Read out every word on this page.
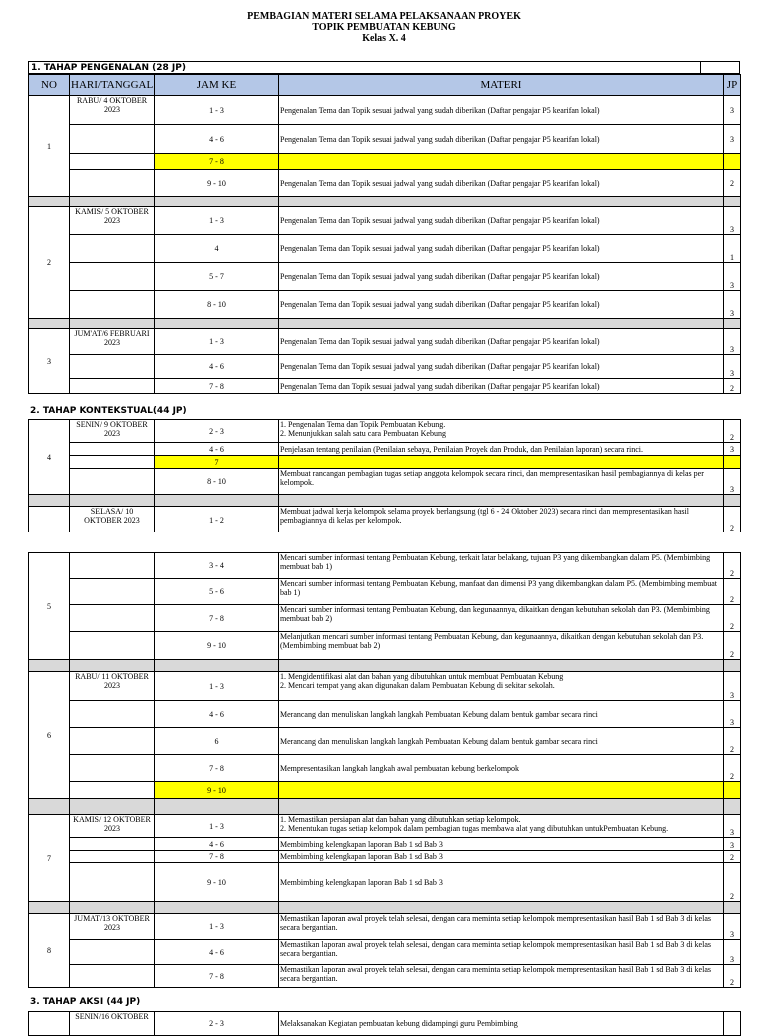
PEMBAGIAN MATERI SELAMA PELAKSANAAN PROYEK
TOPIK PEMBUATAN KEBUNG
Kelas X. 4
1. TAHAP PENGENALAN (28 JP)
NO	HARI/TANGGAL	JAM KE	MATERI	JP
1	RABU/ 4 OKTOBER 2023	1 - 3	Pengenalan Tema dan Topik sesuai jadwal yang sudah diberikan (Daftar pengajar P5 kearifan lokal)	3
		4 - 6	Pengenalan Tema dan Topik sesuai jadwal yang sudah diberikan (Daftar pengajar P5 kearifan lokal)	3
		7 - 8		
		9 - 10	Pengenalan Tema dan Topik sesuai jadwal yang sudah diberikan (Daftar pengajar P5 kearifan lokal)	2

2	KAMIS/ 5 OKTOBER 2023	1 - 3	Pengenalan Tema dan Topik sesuai jadwal yang sudah diberikan (Daftar pengajar P5 kearifan lokal)	3
		4	Pengenalan Tema dan Topik sesuai jadwal yang sudah diberikan (Daftar pengajar P5 kearifan lokal)	1
		5 - 7	Pengenalan Tema dan Topik sesuai jadwal yang sudah diberikan (Daftar pengajar P5 kearifan lokal)	3
		8 - 10	Pengenalan Tema dan Topik sesuai jadwal yang sudah diberikan (Daftar pengajar P5 kearifan lokal)	3

3	JUM'AT/6 FEBRUARI 2023	1 - 3	Pengenalan Tema dan Topik sesuai jadwal yang sudah diberikan (Daftar pengajar P5 kearifan lokal)	3
		4 - 6	Pengenalan Tema dan Topik sesuai jadwal yang sudah diberikan (Daftar pengajar P5 kearifan lokal)	3
		7 - 8	Pengenalan Tema dan Topik sesuai jadwal yang sudah diberikan (Daftar pengajar P5 kearifan lokal)	2
2. TAHAP KONTEKSTUAL(44 JP)
4	SENIN/ 9 OKTOBER 2023	2 - 3	1. Pengenalan Tema dan Topik Pembuatan Kebung.
2. Menunjukkan salah satu cara Pembuatan Kebung	2
		4 - 6	Penjelasan tentang penilaian (Penilaian sebaya, Penilaian Proyek dan Produk, dan Penilaian laporan) secara rinci.	3
		7		
		8 - 10	Membuat rancangan pembagian tugas setiap anggota kelompok secara rinci, dan mempresentasikan hasil pembagiannya di kelas per kelompok.	3

	SELASA/ 10 OKTOBER 2023	1 - 2	Membuat jadwal kerja kelompok selama proyek berlangsung (tgl 6 - 24 Oktober 2023) secara rinci dan mempresentasikan hasil pembagiannya di kelas per kelompok.	2
5		3 - 4	Mencari sumber informasi tentang Pembuatan Kebung, terkait latar belakang, tujuan P3 yang dikembangkan dalam P5. (Membimbing membuat bab 1)	2
		5 - 6	Mencari sumber informasi tentang Pembuatan Kebung, manfaat dan dimensi P3 yang dikembangkan dalam P5. (Membimbing membuat bab 1)	2
		7 - 8	Mencari sumber informasi tentang Pembuatan Kebung, dan kegunaannya, dikaitkan dengan kebutuhan sekolah dan P3. (Membimbing membuat bab 2)	2
		9 - 10	Melanjutkan mencari sumber informasi tentang Pembuatan Kebung, dan kegunaannya, dikaitkan dengan kebutuhan sekolah dan P3. (Membimbing membuat bab 2)	2

6	RABU/ 11 OKTOBER 2023	1 - 3	1. Mengidentifikasi alat dan bahan yang dibutuhkan untuk membuat Pembuatan Kebung
2. Mencari tempat yang akan digunakan dalam Pembuatan Kebung di sekitar sekolah.	3
		4 - 6	Merancang dan menuliskan langkah langkah Pembuatan Kebung dalam bentuk gambar secara rinci	3
		6	Merancang dan menuliskan langkah langkah Pembuatan Kebung dalam bentuk gambar secara rinci	2
		7 - 8	Mempresentasikan langkah langkah awal pembuatan kebung berkelompok	2
		9 - 10		

7	KAMIS/ 12 OKTOBER 2023	1 - 3	1. Memastikan persiapan alat dan bahan yang dibutuhkan setiap kelompok.
2. Menentukan tugas setiap kelompok dalam pembagian tugas membawa alat yang dibutuhkan untukPembuatan Kebung.	3
		4 - 6	Membimbing kelengkapan laporan Bab 1 sd Bab 3	3
		7 - 8	Membimbing kelengkapan laporan Bab 1 sd Bab 3	2
		9 - 10	Membimbing kelengkapan laporan Bab 1 sd Bab 3	2

8	JUMAT/13 OKTOBER 2023	1 - 3	Memastikan laporan awal proyek telah selesai, dengan cara meminta setiap kelompok mempresentasikan hasil Bab 1 sd Bab 3 di kelas secara bergantian.	3
		4 - 6	Memastikan laporan awal proyek telah selesai, dengan cara meminta setiap kelompok mempresentasikan hasil Bab 1 sd Bab 3 di kelas secara bergantian.	3
		7 - 8	Memastikan laporan awal proyek telah selesai, dengan cara meminta setiap kelompok mempresentasikan hasil Bab 1 sd Bab 3 di kelas secara bergantian.	2
3. TAHAP AKSI (44 JP)
	SENIN/16 OKTOBER	2 - 3	Melaksanakan Kegiatan pembuatan kebung didampingi guru Pembimbing	
